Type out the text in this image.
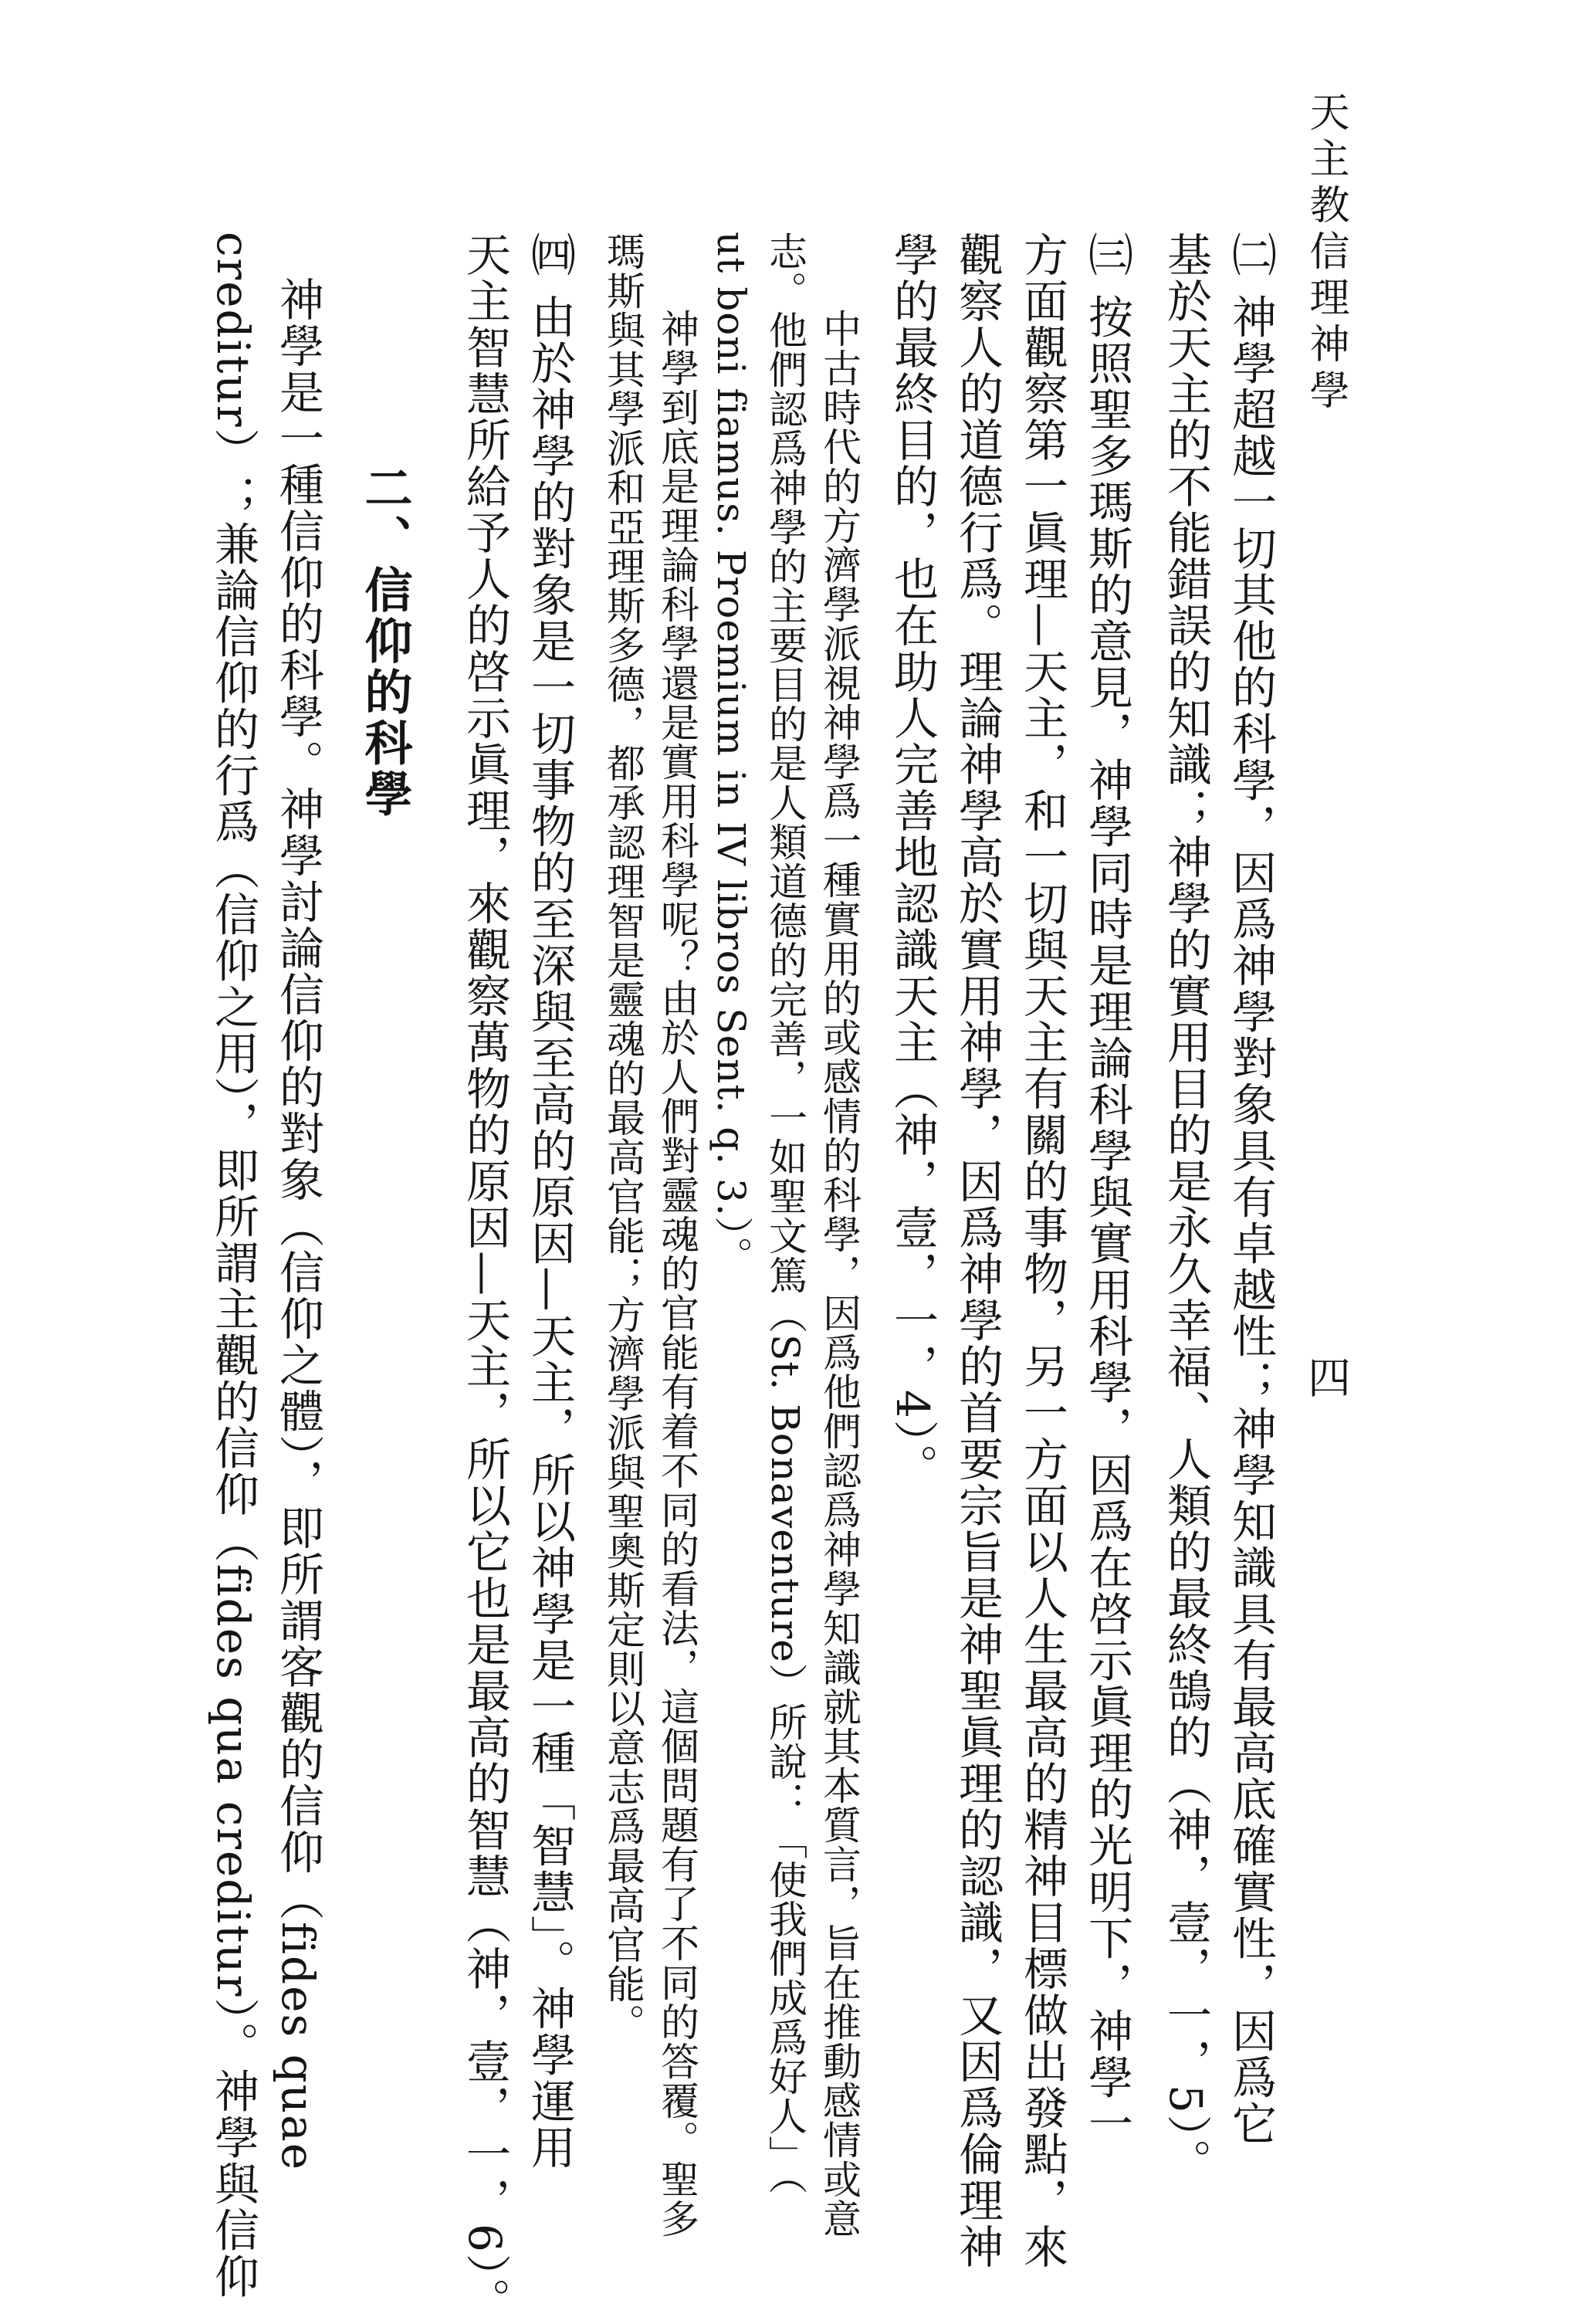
天主教信理神學
四

㈡ 神學超越一切其他的科學，因爲神學對象具有卓越性；神學知識具有最高底確實性，因爲它

基於天主的不能錯誤的知識；神學的實用目的是永久幸福、人類的最終鵠的（神，壹，一，5）。

㈢ 按照聖多瑪斯的意見，神學同時是理論科學與實用科學，因爲在啓示眞理的光明下，神學一

方面觀察第一眞理—天主，和一切與天主有關的事物，另一方面以人生最高的精神目標做出發點，來

觀察人的道德行爲。理論神學高於實用神學，因爲神學的首要宗旨是神聖眞理的認識，又因爲倫理神

學的最終目的，也在助人完善地認識天主（神，壹，一，4）。

中古時代的方濟學派視神學爲一種實用的或感情的科學，因爲他們認爲神學知識就其本質言，旨在推動感情或意

志。他們認爲神學的主要目的是人類道德的完善，一如聖文篤（St. Bonaventure）所說：「使我們成爲好人」（

ut boni fiamus. Proemium in IV libros Sent. q. 3.）。

神學到底是理論科學還是實用科學呢？由於人們對靈魂的官能有着不同的看法，這個問題有了不同的答覆。聖多

瑪斯與其學派和亞理斯多德，都承認理智是靈魂的最高官能；方濟學派與聖奧斯定則以意志爲最高官能。

㈣ 由於神學的對象是一切事物的至深與至高的原因—天主，所以神學是一種「智慧」。神學運用

天主智慧所給予人的啓示眞理，來觀察萬物的原因—天主，所以它也是最高的智慧（神，壹，一，6）。

二、信仰的科學

神學是一種信仰的科學。神學討論信仰的對象（信仰之體），即所謂客觀的信仰（fides quae

creditur）；兼論信仰的行爲（信仰之用），即所謂主觀的信仰（fides qua creditur）。神學與信仰
